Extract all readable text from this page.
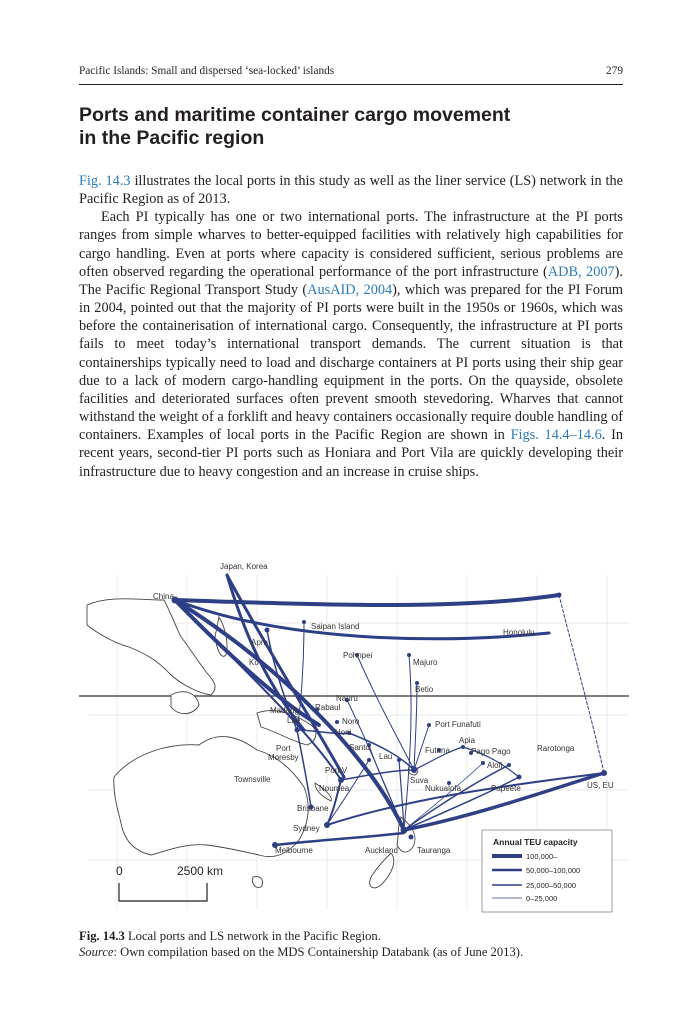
Pacific Islands: Small and dispersed ‘sea-locked’ islands	279
Ports and maritime container cargo movement
in the Pacific region

Fig. 14.3 illustrates the local ports in this study as well as the liner service (LS) network in the Pacific Region as of 2013.

Each PI typically has one or two international ports. The infrastructure at the PI ports ranges from simple wharves to better-equipped facilities with relatively high capabilities for cargo handling. Even at ports where capacity is considered sufficient, serious problems are often observed regarding the operational performance of the port infrastructure (ADB, 2007). The Pacific Regional Transport Study (AusAID, 2004), which was prepared for the PI Forum in 2004, pointed out that the majority of PI ports were built in the 1950s or 1960s, which was before the containerisation of international cargo. Consequently, the infrastructure at PI ports fails to meet today’s international transport demands. The current situation is that containerships typically need to load and discharge containers at PI ports using their ship gear due to a lack of modern cargo-handling equipment in the ports. On the quayside, obsolete facilities and deteriorated surfaces often prevent smooth stevedoring. Wharves that cannot withstand the weight of a forklift and heavy containers occasionally require double handling of containers. Examples of local ports in the Pacific Region are shown in Figs. 14.4–14.6. In recent years, second-tier PI ports such as Honiara and Port Vila are quickly developing their infrastructure due to heavy congestion and an increase in cruise ships.

Japan, Korea
China
Saipan Island
Honolulu
Apra
Ko
Pohnpei
Majuro
Betio
Nauru
Madang
Lae
Rabaul
Noro
Honi
Port Funafuti
Port
Moresby
Santo
Lau
Futuna
Apia
Pago Pago	Rarotonga
Alofi
Port V
Townsville
Noumea
Suva
Nukualofa	Papeete	US, EU
Brisbane
Sydney
Melbourne	Auckland Tauranga
0	2500 km
Annual TEU capacity
100,000–
50,000–100,000
25,000–50,000
0–25,000
Fig. 14.3 Local ports and LS network in the Pacific Region.
Source: Own compilation based on the MDS Containership Databank (as of June 2013).
